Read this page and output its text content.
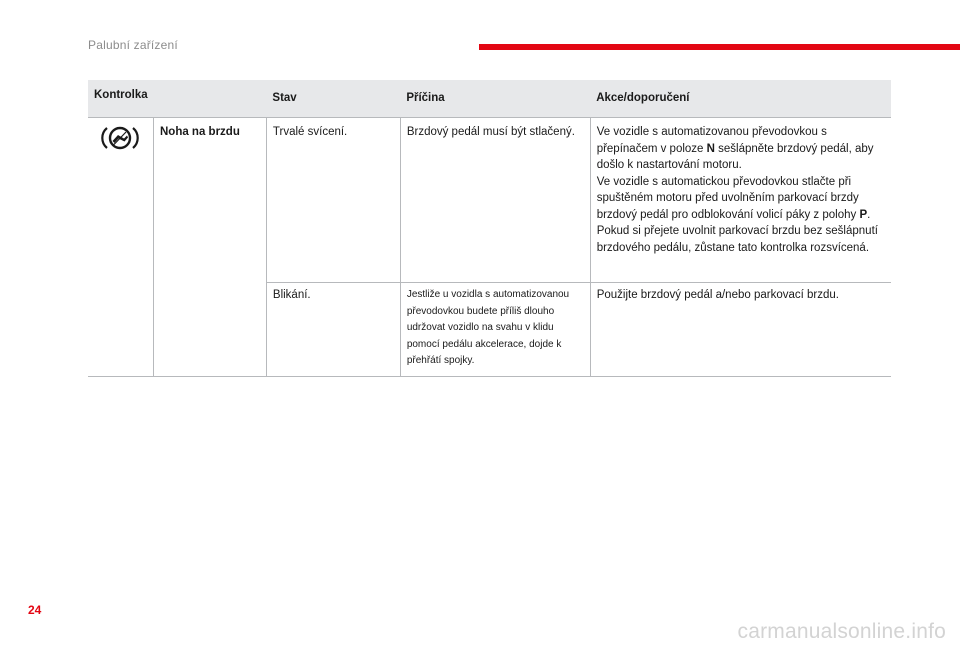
Palubní zařízení
Kontrolka		Stav	Příčina	Akce/doporučení
	Noha na brzdu	Trvalé svícení.	Brzdový pedál musí být stlačený.	Ve vozidle s automatizovanou převodovkou s přepínačem v poloze N sešlápněte brzdový pedál, aby došlo k nastartování motoru.
Ve vozidle s automatickou převodovkou stlačte při spuštěném motoru před uvolněním parkovací brzdy brzdový pedál pro odblokování volicí páky z polohy P.
Pokud si přejete uvolnit parkovací brzdu bez sešlápnutí brzdového pedálu, zůstane tato kontrolka rozsvícená.

		Blikání.	Jestliže u vozidla s automatizovanou převodovkou budete příliš dlouho udržovat vozidlo na svahu v klidu pomocí pedálu akcelerace, dojde k přehřátí spojky.	Použijte brzdový pedál a/nebo parkovací brzdu.
24
carmanualsonline.info
